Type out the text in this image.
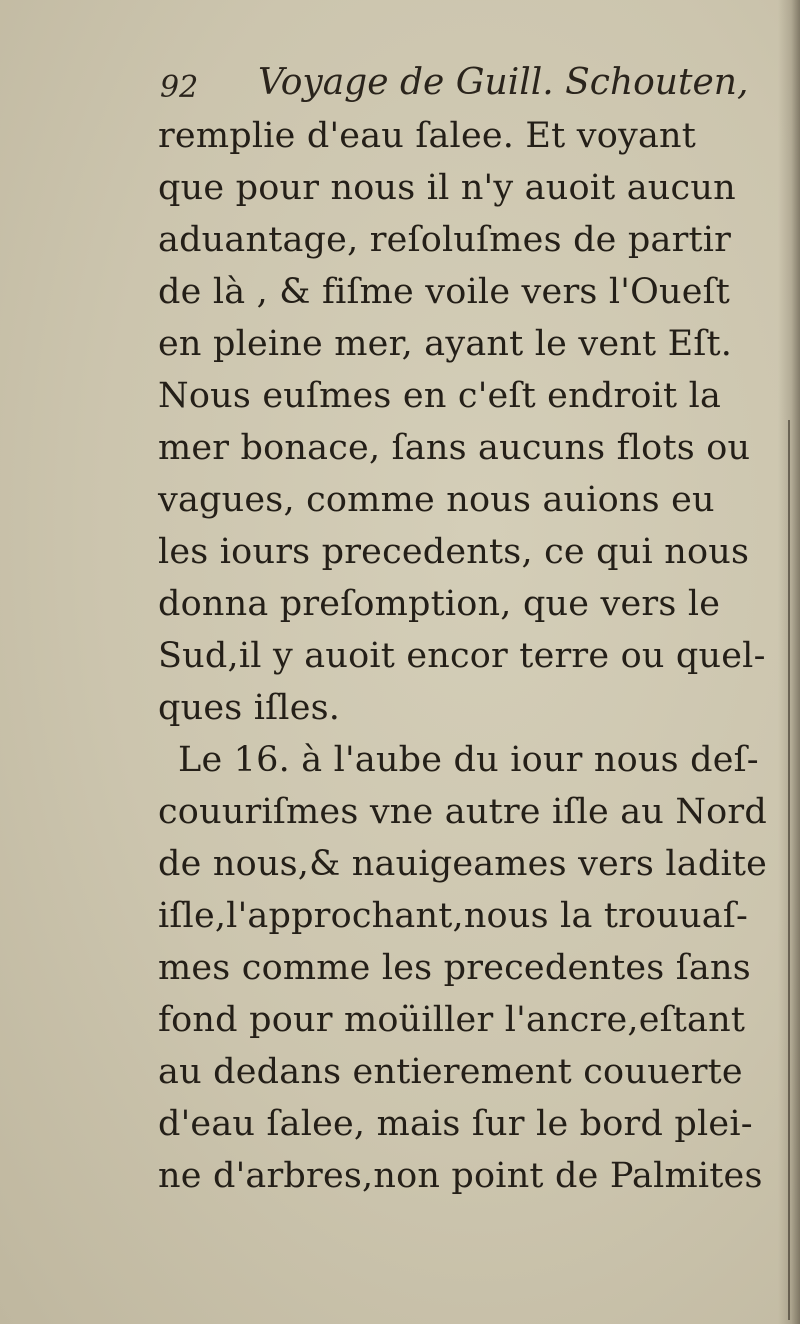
92 Voyage de Guill. Schouten,
remplie d'eau ſalee. Et voyant
que pour nous il n'y auoit aucun
aduantage, reſoluſmes de partir
de là , & fiſme voile vers l'Oueſt
en pleine mer, ayant le vent Eſt.
Nous euſmes en c'eſt endroit la
mer bonace, ſans aucuns flots ou
vagues, comme nous auions eu
les iours precedents, ce qui nous
donna preſomption, que vers le
Sud,il y auoit encor terre ou quel-
ques iſles.
Le 16. à l'aube du iour nous deſ-
couuriſmes vne autre iſle au Nord
de nous,& nauigeames vers ladite
iſle,l'approchant,nous la trouuaſ-
mes comme les precedentes ſans
fond pour moüiller l'ancre,eſtant
au dedans entierement couuerte
d'eau ſalee, mais ſur le bord plei-
ne d'arbres,non point de Palmites
